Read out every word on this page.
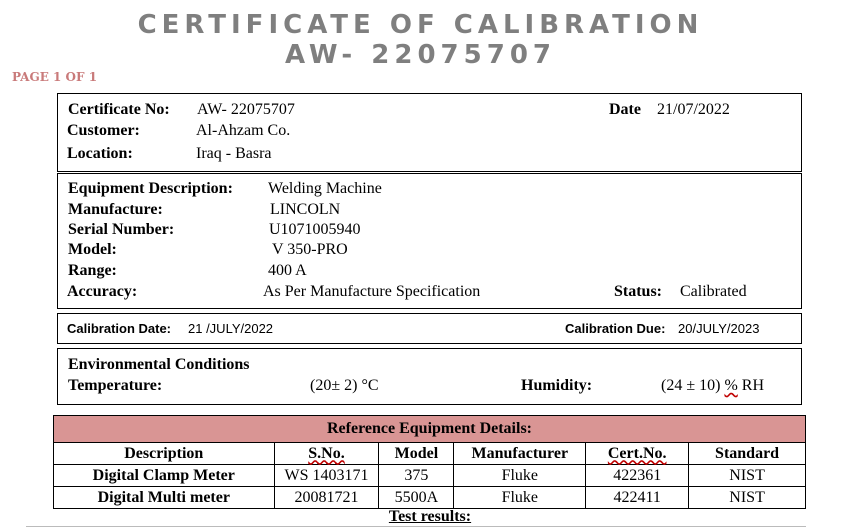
CERTIFICATE OF CALIBRATION
AW- 22075707
PAGE 1 OF 1
Certificate No: AW- 22075707	Date 21/07/2022
Customer:	Al-Ahzam Co.
Location:	Iraq - Basra
Equipment Description: Welding Machine
Manufacture:	LINCOLN
Serial Number:	U1071005940
Model:	V 350-PRO
Range:	400 A
Accuracy:	As Per Manufacture Specification	Status: Calibrated
Calibration Date: 21 /JULY/2022	Calibration Due: 20/JULY/2023
Environmental Conditions
Temperature:	(20± 2) °C	Humidity:	(24 ± 10) % RH
Reference Equipment Details:					
Description	S.No.	Model	Manufacturer	Cert.No.	Standard
Digital Clamp Meter	WS 1403171	375	Fluke	422361	NIST
Digital Multi meter	20081721	5500A	Fluke	422411	NIST
Test results:
